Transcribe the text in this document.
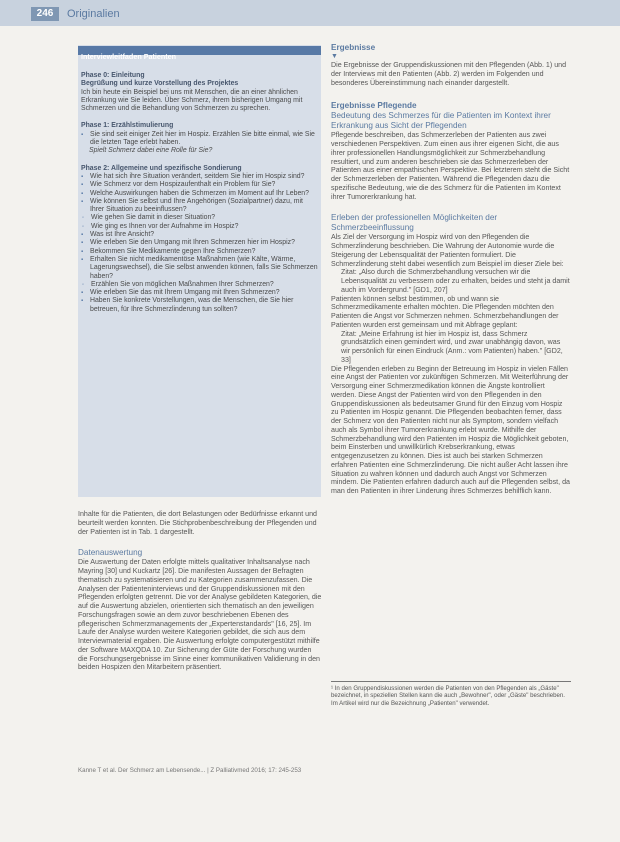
246	Originalien
Interviewleitfaden Patienten
Phase 0: Einleitung
Begrüßung und kurze Vorstellung des Projektes

Ich bin heute ein Beispiel bei uns mit Menschen, die an einer ähnlichen Erkrankung wie Sie leiden. Über Schmerz, ihrem bisherigen Umgang mit Schmerzen und die Behandlung von Schmerzen zu sprechen.

Phase 1: Erzählstimulierung
▪ Sie sind seit einiger Zeit hier im Hospiz. Erzählen Sie bitte einmal, wie Sie die letzten Tage erlebt haben.
Spielt Schmerz dabei eine Rolle für Sie?
Phase 2: Allgemeine und spezifische Sondierung
▪ Wie hat sich ihre Situation verändert, seitdem Sie hier im Hospiz sind?
▪ Wie Schmerz vor dem Hospizaufenthalt ein Problem für Sie?
▪ Welche Auswirkungen haben die Schmerzen im Moment auf Ihr Leben?
▪ Wie können Sie selbst und Ihre Angehörigen (Sozialpartner) dazu, mit Ihrer Situation zu beeinflussen?
◦ Wie gehen Sie damit in dieser Situation?
◦ Wie ging es Ihnen vor der Aufnahme im Hospiz?
▪ Was ist Ihre Ansicht?
▪ Wie erleben Sie den Umgang mit Ihren Schmerzen hier im Hospiz?
▪ Bekommen Sie Medikamente gegen Ihre Schmerzen?
▪ Erhalten Sie nicht medikamentöse Maßnahmen (wie Kälte, Wärme, Lagerungswechsel), die Sie selbst anwenden können, falls Sie Schmerzen haben?
◦ Erzählen Sie von möglichen Maßnahmen Ihrer Schmerzen?
▪ Wie erleben Sie das mit Ihrem Umgang mit Ihren Schmerzen?
▪ Haben Sie konkrete Vorstellungen, was die Menschen, die Sie hier betreuen, für Ihre Schmerzlinderung tun sollten?

Inhalte für die Patienten, die dort Belastungen oder Bedürfnisse erkannt und beurteilt werden konnten. Die Stichprobenbeschreibung der Pflegenden und der Patienten ist in Tab. 1 dargestellt.

Datenauswertung

Die Auswertung der Daten erfolgte mittels qualitativer Inhaltsanalyse nach Mayring [30] und Kuckartz [26]. Die manifesten Aussagen der Befragten thematisch zu systematisieren und zu Kategorien zusammenzufassen. Die Analysen der Patienteninterviews und der Gruppendiskussionen mit den Pflegenden erfolgten getrennt. Die vor der Analyse gebildeten Kategorien, die auf die Auswertung abzielen, orientierten sich thematisch an den jeweiligen Forschungsfragen sowie an dem zuvor beschriebenen Ebenen des pflegerischen Schmerzmanagements der „Expertenstandards" [16, 25]. Im Laufe der Analyse wurden weitere Kategorien gebildet, die sich aus dem Interviewmaterial ergaben. Die Auswertung erfolgte computergestützt mithilfe der Software MAXQDA 10. Zur Sicherung der Güte der Forschung wurden die Forschungsergebnisse im Sinne einer kommunikativen Validierung in den beiden Hospizen den Mitarbeitern präsentiert.

Ergebnisse
▼

Die Ergebnisse der Gruppendiskussionen mit den Pflegenden (Abb. 1) und der Interviews mit den Patienten (Abb. 2) werden im Folgenden und besonderes Übereinstimmung nach einander dargestellt.

Ergebnisse Pflegende
Bedeutung des Schmerzes für die Patienten im Kontext ihrer Erkrankung aus Sicht der Pflegenden

Pflegende beschreiben, das Schmerzerleben der Patienten aus zwei verschiedenen Perspektiven. Zum einen aus ihrer eigenen Sicht, die aus ihrer professionellen Handlungsmöglichkeit zur Schmerzbehandlung resultiert, und zum anderen beschrieben sie das Schmerzerleben der Patienten aus einer empathischen Perspektive. Bei letzterem steht die Sicht der Schmerzerleben der Patienten. Während die Pflegenden dazu die spezifische Bedeutung, wie die des Schmerz für die Patienten im Kontext ihrer Tumorerkrankung hat.

Erleben der professionellen Möglichkeiten der Schmerzbeeinflussung

Als Ziel der Versorgung im Hospiz wird von den Pflegenden die Schmerzlinderung beschrieben. Die Wahrung der Autonomie wurde die Steigerung der Lebensqualität der Patienten formuliert. Die Schmerzlinderung steht dabei wesentlich zum Beispiel im dieser Ziele bei:

Zitat: „Also durch die Schmerzbehandlung versuchen wir die Lebensqualität zu verbessern oder zu erhalten, beides und steht ja damit auch im Vordergrund." [GD1, 207]

Patienten können selbst bestimmen, ob und wann sie Schmerzmedikamente erhalten möchten. Die Pflegenden möchten den Patienten die Angst vor Schmerzen nehmen. Schmerzbehandlungen der Patienten wurden erst gemeinsam und mit Abfrage geplant:

Zitat: „Meine Erfahrung ist hier im Hospiz ist, dass Schmerz grundsätzlich einen gemindert wird, und zwar unabhängig davon, was wir persönlich für einen Eindruck (Anm.: vom Patienten) haben." [GD2, 33]

Die Pflegenden erleben zu Beginn der Betreuung im Hospiz in vielen Fällen eine Angst der Patienten vor zukünftigen Schmerzen. Mit Weiterführung der Versorgung einer Schmerzmedikation können die Ängste kontrolliert werden. Diese Angst der Patienten wird von den Pflegenden in den Gruppendiskussionen als bedeutsamer Grund für den Einzug vom Hospiz zu Patienten im Hospiz genannt. Die Pflegenden beobachten ferner, dass der Schmerz von den Patienten nicht nur als Symptom, sondern vielfach auch als Symbol ihrer Tumorerkrankung erlebt wurde. Mithilfe der Schmerzbehandlung wird den Patienten im Hospiz die Möglichkeit geboten, beim Einsterben und unwillkürlich Krebserkrankung, etwas entgegenzusetzen zu können. Dies ist auch bei starken Schmerzen erfahren Patienten eine Schmerzlinderung. Die nicht außer Acht lassen ihre Situation zu wahren können und dadurch auch Angst vor Schmerzen mindern. Die Patienten erfahren dadurch auch auf die Pflegenden selbst, da man den Patienten in ihrer Linderung ihres Schmerzes behilflich kann.

¹ In den Gruppendiskussionen werden die Patienten von den Pflegenden als „Gäste" bezeichnet, in speziellen Stellen kann die auch „Bewohner", oder „Gäste" beschrieben. Im Artikel wird nur die Bezeichnung „Patienten" verwendet.
Kanne T et al. Der Schmerz am Lebensende... | Z Palliativmed 2016; 17: 245-253
